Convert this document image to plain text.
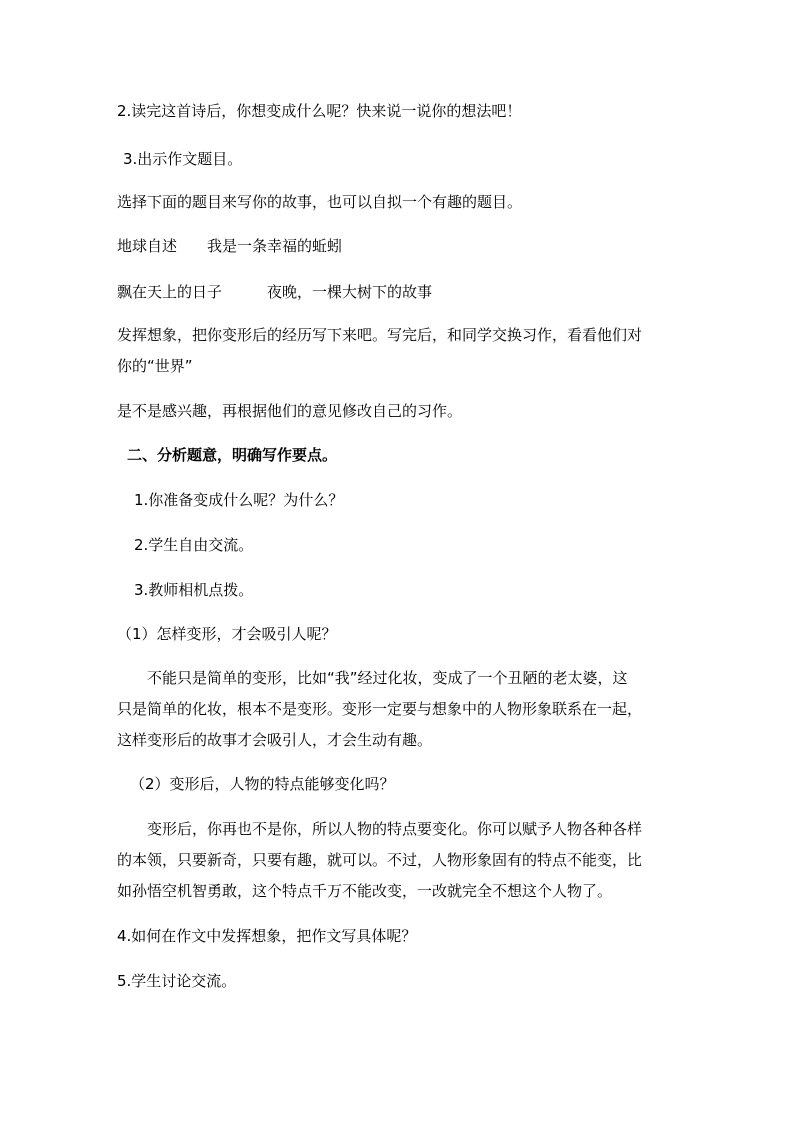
2.读完这首诗后，你想变成什么呢？快来说一说你的想法吧！
3.出示作文题目。
选择下面的题目来写你的故事，也可以自拟一个有趣的题目。
地球自述　　我是一条幸福的蚯蚓
飘在天上的日子　　　夜晚，一棵大树下的故事
发挥想象，把你变形后的经历写下来吧。写完后，和同学交换习作，看看他们对
你的“世界”
是不是感兴趣，再根据他们的意见修改自己的习作。
二、分析题意，明确写作要点。
1.你准备变成什么呢？为什么？
2.学生自由交流。
3.教师相机点拨。
（1）怎样变形，才会吸引人呢？
不能只是简单的变形，比如“我”经过化妆，变成了一个丑陋的老太婆，这
只是简单的化妆，根本不是变形。变形一定要与想象中的人物形象联系在一起，
这样变形后的故事才会吸引人，才会生动有趣。
（2）变形后，人物的特点能够变化吗？
变形后，你再也不是你，所以人物的特点要变化。你可以赋予人物各种各样
的本领，只要新奇，只要有趣，就可以。不过，人物形象固有的特点不能变，比
如孙悟空机智勇敢，这个特点千万不能改变，一改就完全不想这个人物了。
4.如何在作文中发挥想象，把作文写具体呢？
5.学生讨论交流。
